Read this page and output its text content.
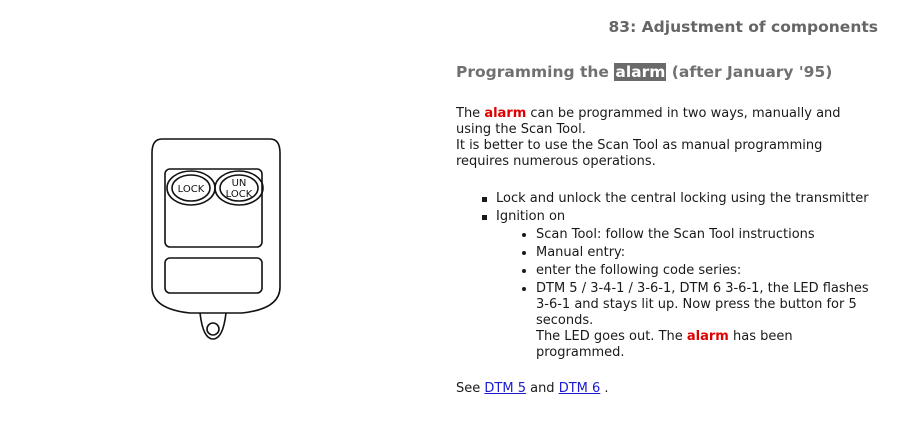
83: Adjustment of components
Programming the alarm (after January '95)
LOCK
UN
LOCK

The alarm can be programmed in two ways, manually and using the Scan Tool.
It is better to use the Scan Tool as manual programming requires numerous operations.

Lock and unlock the central locking using the transmitter
Ignition on
Scan Tool: follow the Scan Tool instructions
Manual entry:
enter the following code series:
DTM 5 / 3-4-1 / 3-6-1, DTM 6 3-6-1, the LED flashes 3-6-1 and stays lit up. Now press the button for 5 seconds.
The LED goes out. The alarm has been programmed.

See DTM 5 and DTM 6 .
